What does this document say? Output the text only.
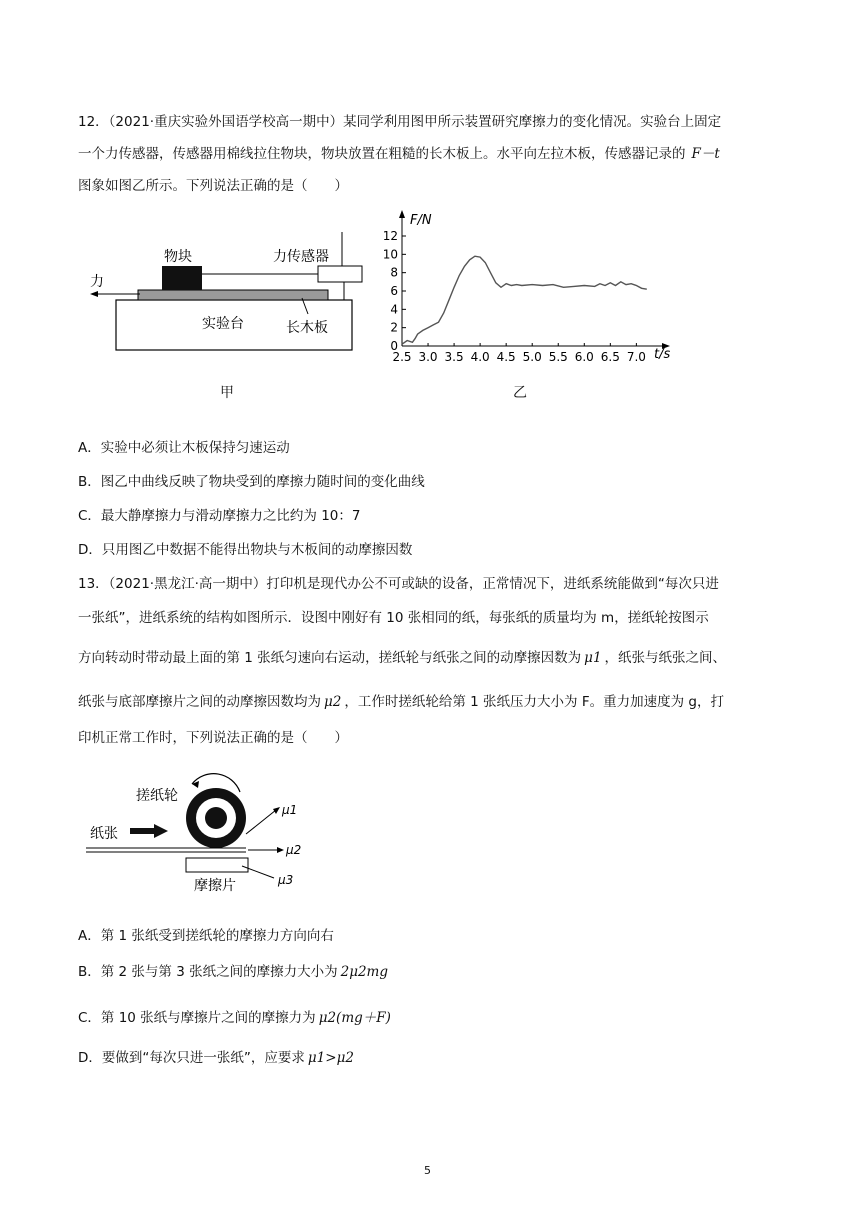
12．（2021·重庆实验外国语学校高一期中）某同学利用图甲所示装置研究摩擦力的变化情况。实验台上固定
一个力传感器，传感器用棉线拉住物块，物块放置在粗糙的长木板上。水平向左拉木板，传感器记录的 F－t
图象如图乙所示。下列说法正确的是（　　）
物块	力传感器
力
实验台	长木板
甲
0
2
4
6
8
10
12
2.5 3.0 3.5 4.0 4.5 5.0 5.5 6.0 6.5 7.0
F/N
t/s
乙
A．实验中必须让木板保持匀速运动
B．图乙中曲线反映了物块受到的摩擦力随时间的变化曲线
C．最大静摩擦力与滑动摩擦力之比约为 10：7
D．只用图乙中数据不能得出物块与木板间的动摩擦因数
13．（2021·黑龙江·高一期中）打印机是现代办公不可或缺的设备，正常情况下，进纸系统能做到“每次只进
一张纸”，进纸系统的结构如图所示．设图中刚好有 10 张相同的纸，每张纸的质量均为 m，搓纸轮按图示
方向转动时带动最上面的第 1 张纸匀速向右运动，搓纸轮与纸张之间的动摩擦因数为 μ1 ，纸张与纸张之间、
纸张与底部摩擦片之间的动摩擦因数均为 μ2 ，工作时搓纸轮给第 1 张纸压力大小为 F。重力加速度为 g，打
印机正常工作时，下列说法正确的是（　　）
搓纸轮
纸张
摩擦片
μ1
μ2
μ3
A．第 1 张纸受到搓纸轮的摩擦力方向向右
B．第 2 张与第 3 张纸之间的摩擦力大小为 2μ2mg
C．第 10 张纸与摩擦片之间的摩擦力为 μ2(mg＋F)
D．要做到“每次只进一张纸”，应要求 μ1>μ2
5
